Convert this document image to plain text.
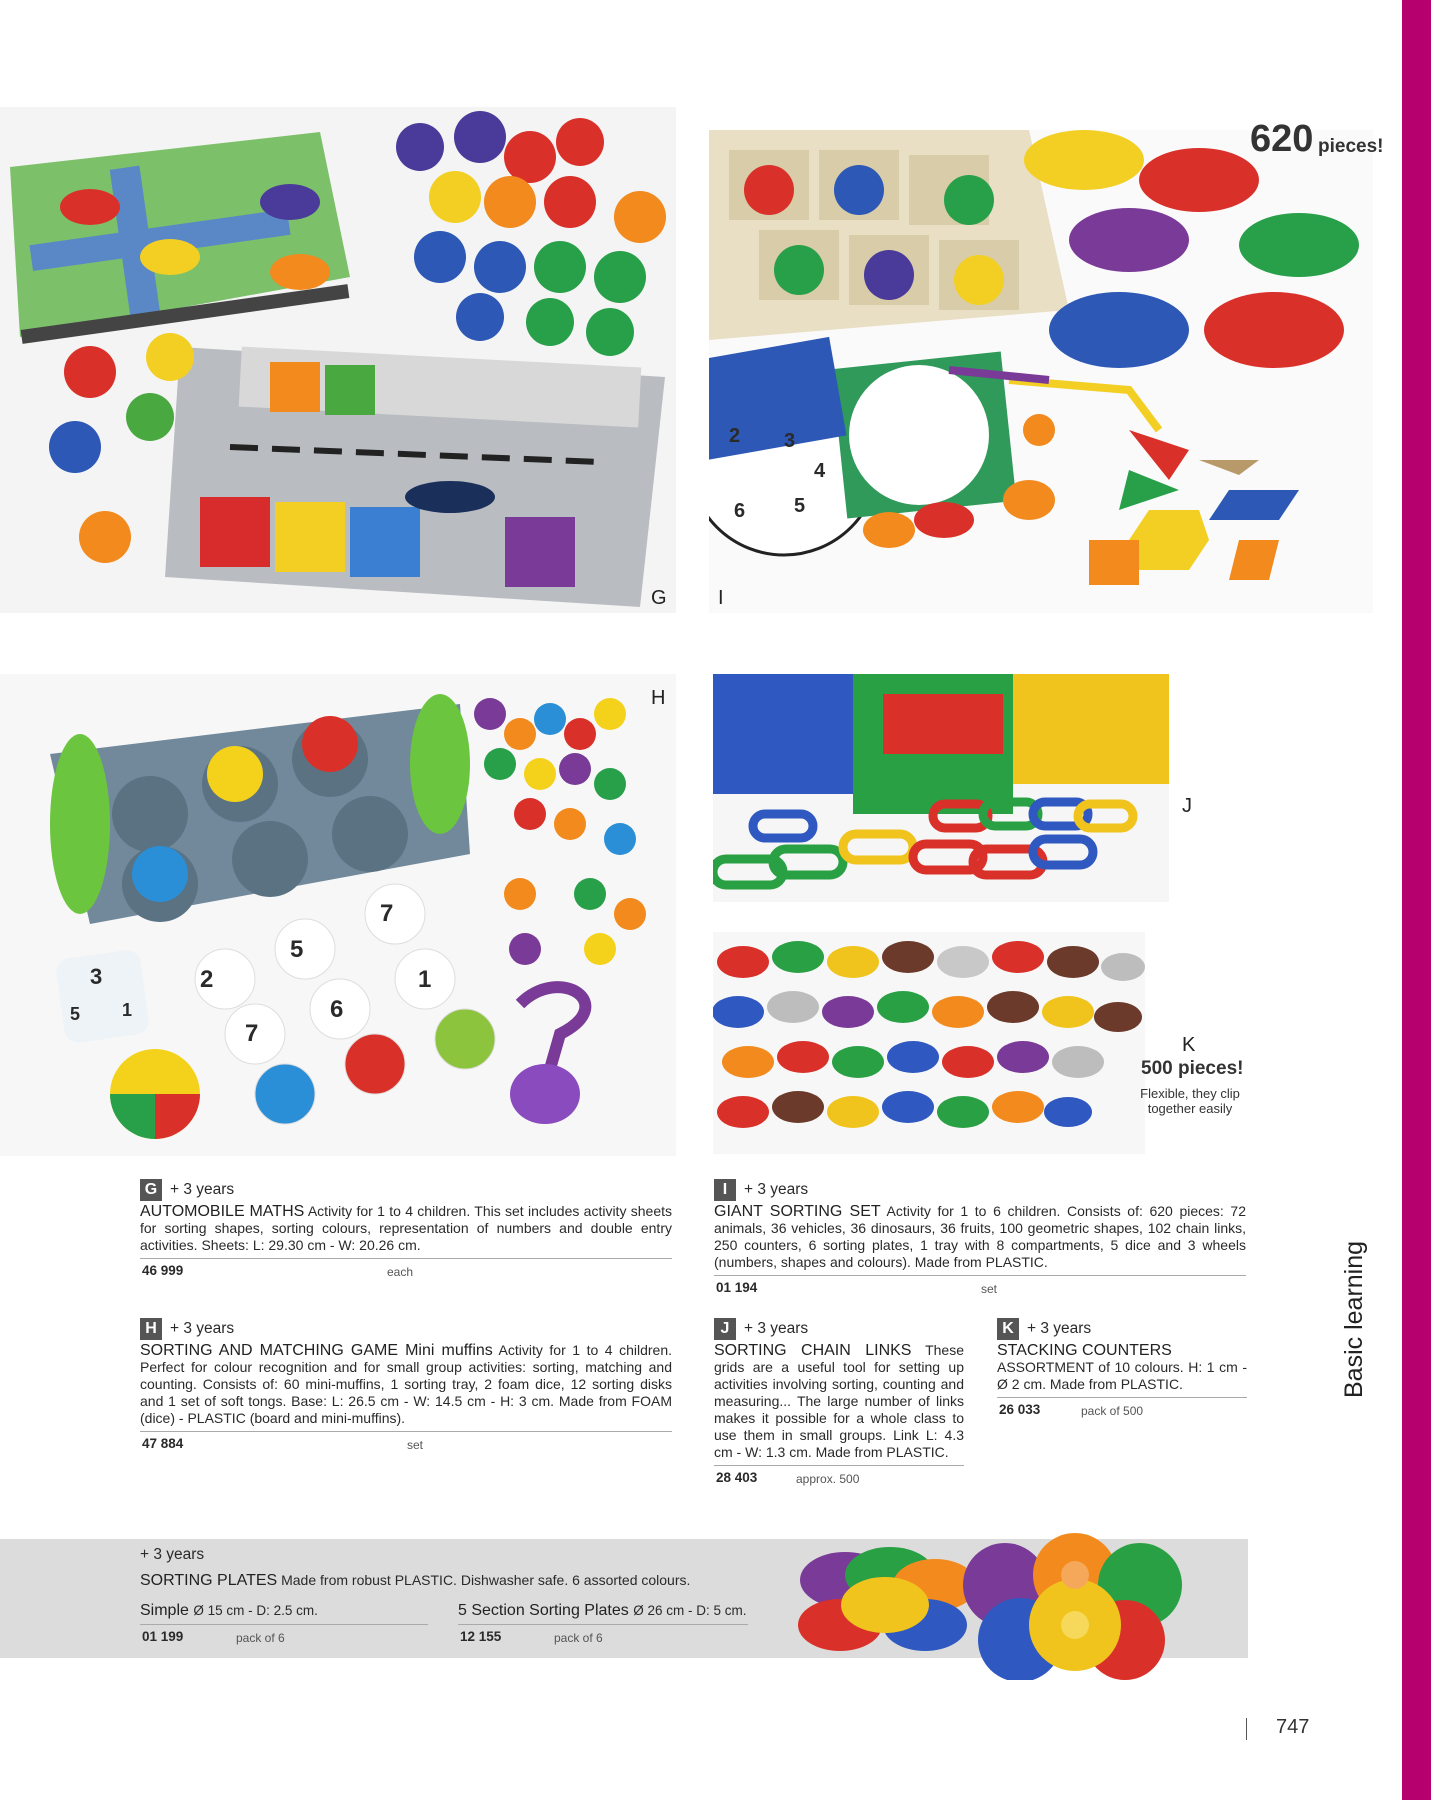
Basic learning
G
2 3
4
5
6
I
620 pieces!
7
5
2	1
6
7
3
5 1
H
J
K
500 pieces!
Flexible, they clip
together easily
G + 3 years
AUTOMOBILE MATHS Activity for 1 to 4 children. This set includes activity sheets for sorting shapes, sorting colours, representation of numbers and double entry activities. Sheets: L: 29.30 cm - W: 20.26 cm.
46 999	each
H + 3 years
SORTING AND MATCHING GAME Mini muffins Activity for 1 to 4 children. Perfect for colour recognition and for small group activities: sorting, matching and counting. Consists of: 60 mini-muffins, 1 sorting tray, 2 foam dice, 12 sorting disks and 1 set of soft tongs. Base: L: 26.5 cm - W: 14.5 cm - H: 3 cm. Made from FOAM (dice) - PLASTIC (board and mini-muffins).
47 884	set
I	+ 3 years
GIANT SORTING SET Activity for 1 to 6 children. Consists of: 620 pieces: 72 animals, 36 vehicles, 36 dinosaurs, 36 fruits, 100 geometric shapes, 102 chain links, 250 counters, 6 sorting plates, 1 tray with 8 compartments, 5 dice and 3 wheels (numbers, shapes and colours). Made from PLASTIC.
01 194	set
J + 3 years
SORTING CHAIN LINKS These grids are a useful tool for setting up activities involving sorting, counting and measuring... The large number of links makes it possible for a whole class to use them in small groups. Link L: 4.3 cm - W: 1.3 cm. Made from PLASTIC.
28 403	approx. 500
K + 3 years
STACKING COUNTERS
ASSORTMENT of 10 colours. H: 1 cm - Ø 2 cm. Made from PLASTIC.
26 033	pack of 500
+ 3 years
SORTING PLATES Made from robust PLASTIC. Dishwasher safe. 6 assorted colours.
Simple Ø 15 cm - D: 2.5 cm.
01 199	pack of 6
5 Section Sorting Plates Ø 26 cm - D: 5 cm.
12 155	pack of 6
747
